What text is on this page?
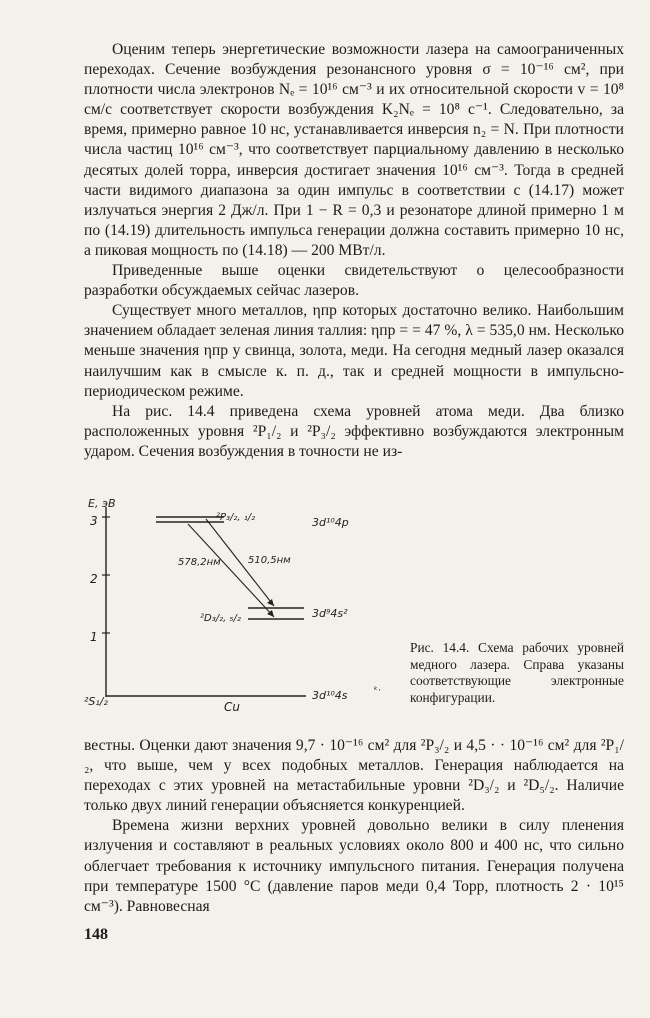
Оценим теперь энергетические возможности лазера на самоограниченных переходах. Сечение возбуждения резонансного уровня σ = 10⁻¹⁶ см², при плотности числа электронов Nₑ = 10¹⁶ см⁻³ и их относительной скорости v = 10⁸ см/с соответствует скорости возбуждения K₂Nₑ = 10⁸ с⁻¹. Следовательно, за время, примерно равное 10 нс, устанавливается инверсия n₂ = N. При плотности числа частиц 10¹⁶ см⁻³, что соответствует парциальному давлению в несколько десятых долей торра, инверсия достигает значения 10¹⁶ см⁻³. Тогда в средней части видимого диапазона за один импульс в соответствии с (14.17) может излучаться энергия 2 Дж/л. При 1 − R = 0,3 и резонаторе длиной примерно 1 м по (14.19) длительность импульса генерации должна составить примерно 10 нс, а пиковая мощность по (14.18) — 200 МВт/л.

Приведенные выше оценки свидетельствуют о целесообразности разработки обсуждаемых сейчас лазеров.

Существует много металлов, ηпр которых достаточно велико. Наибольшим значением обладает зеленая линия таллия: ηпр = = 47 %, λ = 535,0 нм. Несколько меньше значения ηпр у свинца, золота, меди. На сегодня медный лазер оказался наилучшим как в смысле к. п. д., так и средней мощности в импульсно-периодическом режиме.

На рис. 14.4 приведена схема уровней атома меди. Два близко расположенных уровня ²P₁/₂ и ²P₃/₂ эффективно возбуждаются электронным ударом. Сечения возбуждения в точности не из-

E, эВ
3
2
1
²S₁/₂	Cu
3d¹⁰4s	ᵏ·
²P₃/₂, ₁/₂	3d¹⁰4p
²D₃/₂, ₅/₂	3d⁹4s²
578,2нм	510,5нм
Рис. 14.4. Схема рабочих уровней медного лазера. Справа указаны соответствующие электронные конфигурации.

вестны. Оценки дают значения 9,7 · 10⁻¹⁶ см² для ²P₃/₂ и 4,5 · · 10⁻¹⁶ см² для ²P₁/₂, что выше, чем у всех подобных металлов. Генерация наблюдается на переходах с этих уровней на метастабильные уровни ²D₃/₂ и ²D₅/₂. Наличие только двух линий генерации объясняется конкуренцией.

Времена жизни верхних уровней довольно велики в силу пленения излучения и составляют в реальных условиях около 800 и 400 нс, что сильно облегчает требования к источнику импульсного питания. Генерация получена при температуре 1500 °С (давление паров меди 0,4 Торр, плотность 2 · 10¹⁵ см⁻³). Равновесная

148
